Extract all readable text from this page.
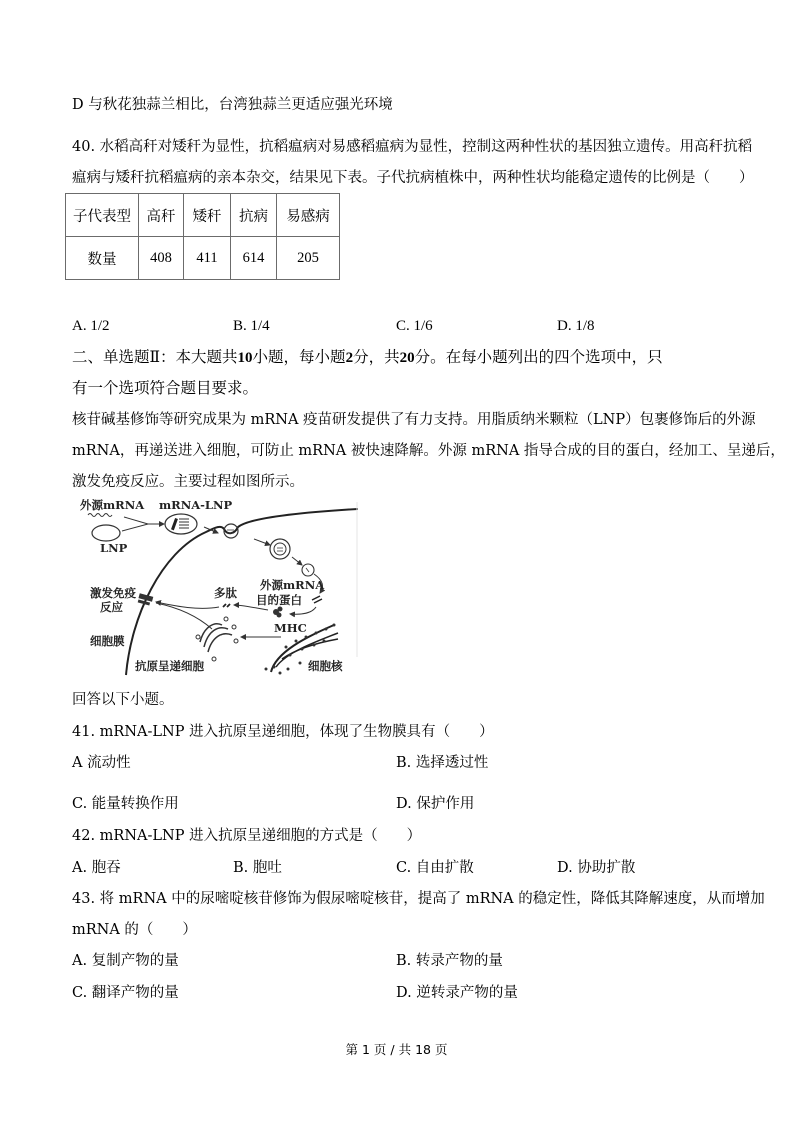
D 与秋花独蒜兰相比，台湾独蒜兰更适应强光环境
40. 水稻高秆对矮秆为显性，抗稻瘟病对易感稻瘟病为显性，控制这两种性状的基因独立遗传。用高秆抗稻
瘟病与矮秆抗稻瘟病的亲本杂交，结果见下表。子代抗病植株中，两种性状均能稳定遗传的比例是（　　）
子代表型	高秆	矮秆	抗病	易感病
数量	408	411	614	205
A. 1/2	B. 1/4	C. 1/6	D. 1/8
二、单选题Ⅱ：本大题共10小题，每小题2分，共20分。在每小题列出的四个选项中，只
有一个选项符合题目要求。
核苷碱基修饰等研究成果为 mRNA 疫苗研发提供了有力支持。用脂质纳米颗粒（LNP）包裹修饰后的外源
mRNA，再递送进入细胞，可防止 mRNA 被快速降解。外源 mRNA 指导合成的目的蛋白，经加工、呈递后，
激发免疫反应。主要过程如图所示。
外源mRNA mRNA-LNP
LNP
激发免疫
反应
多肽
外源mRNA
目的蛋白
细胞膜
MHC
抗原呈递细胞	细胞核
回答以下小题。
41. mRNA-LNP 进入抗原呈递细胞，体现了生物膜具有（　　）
A 流动性	B. 选择透过性
C. 能量转换作用	D. 保护作用
42. mRNA-LNP 进入抗原呈递细胞的方式是（　　）
A. 胞吞	B. 胞吐	C. 自由扩散	D. 协助扩散
43. 将 mRNA 中的尿嘧啶核苷修饰为假尿嘧啶核苷，提高了 mRNA 的稳定性，降低其降解速度，从而增加
mRNA 的（　　）
A. 复制产物的量	B. 转录产物的量
C. 翻译产物的量	D. 逆转录产物的量
第 1 页 / 共 18 页
